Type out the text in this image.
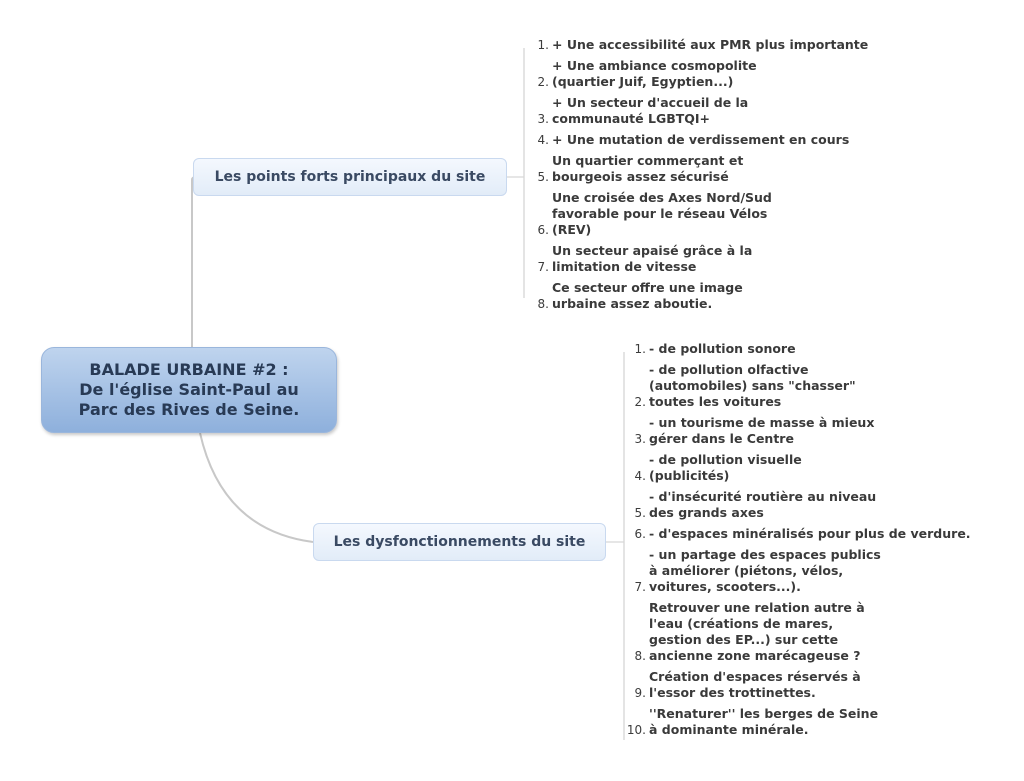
BALADE URBAINE #2 :
De l'église Saint-Paul au
Parc des Rives de Seine.
Les points forts principaux du site
Les dysfonctionnements du site
1. + Une accessibilité aux PMR plus importante
2.
+ Une ambiance cosmopolite
(quartier Juif, Egyptien...)
3.
+ Un secteur d'accueil de la
communauté LGBTQI+
4. + Une mutation de verdissement en cours
5.
Un quartier commerçant et
bourgeois assez sécurisé
6.
Une croisée des Axes Nord/Sud
favorable pour le réseau Vélos
(REV)
7.
Un secteur apaisé grâce à la
limitation de vitesse
8.
Ce secteur offre une image
urbaine assez aboutie.
1. - de pollution sonore
2.
- de pollution olfactive
(automobiles) sans "chasser"
toutes les voitures
3.
- un tourisme de masse à mieux
gérer dans le Centre
4.
- de pollution visuelle
(publicités)
5.
- d'insécurité routière au niveau
des grands axes
6. - d'espaces minéralisés pour plus de verdure.
7.
- un partage des espaces publics
à améliorer (piétons, vélos,
voitures, scooters...).
8.
Retrouver une relation autre à
l'eau (créations de mares,
gestion des EP...) sur cette
ancienne zone marécageuse ?
9.
Création d'espaces réservés à
l'essor des trottinettes.
10.
''Renaturer'' les berges de Seine
à dominante minérale.
